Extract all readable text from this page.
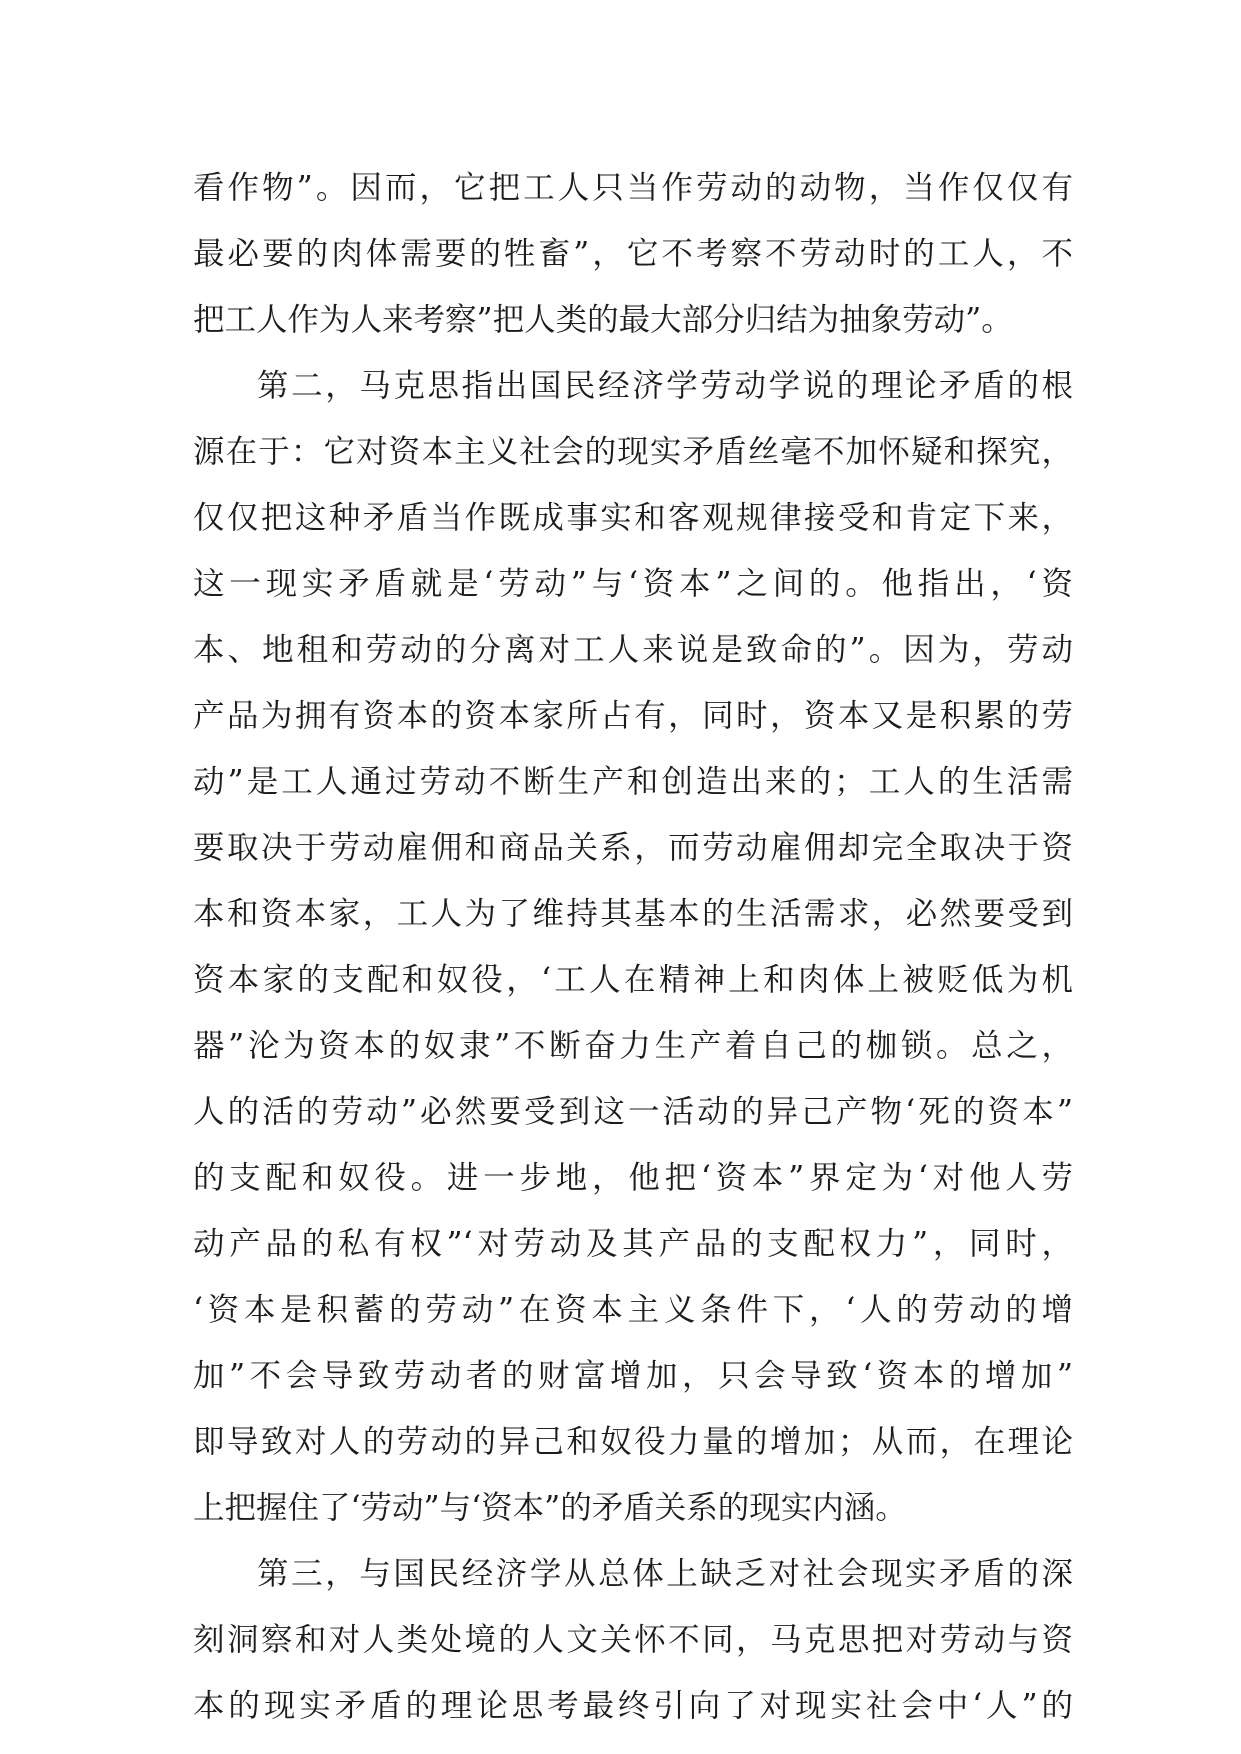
看作物”。因而，它把工人只当作劳动的动物，当作仅仅有
最必要的肉体需要的牲畜”，它不考察不劳动时的工人，不
把工人作为人来考察”把人类的最大部分归结为抽象劳动”。
第二，马克思指出国民经济学劳动学说的理论矛盾的根
源在于：它对资本主义社会的现实矛盾丝毫不加怀疑和探究，
仅仅把这种矛盾当作既成事实和客观规律接受和肯定下来，
这一现实矛盾就是‘劳动”与‘资本”之间的。他指出，‘资
本、地租和劳动的分离对工人来说是致命的”。因为，劳动
产品为拥有资本的资本家所占有，同时，资本又是积累的劳
动”是工人通过劳动不断生产和创造出来的；工人的生活需
要取决于劳动雇佣和商品关系，而劳动雇佣却完全取决于资
本和资本家，工人为了维持其基本的生活需求，必然要受到
资本家的支配和奴役，‘工人在精神上和肉体上被贬低为机
器”沦为资本的奴隶”不断奋力生产着自己的枷锁。总之，
人的活的劳动”必然要受到这一活动的异己产物‘死的资本”
的支配和奴役。进一步地，他把‘资本”界定为‘对他人劳
动产品的私有权”‘对劳动及其产品的支配权力”，同时，
‘资本是积蓄的劳动”在资本主义条件下，‘人的劳动的增
加”不会导致劳动者的财富增加，只会导致‘资本的增加”
即导致对人的劳动的异己和奴役力量的增加；从而，在理论
上把握住了‘劳动”与‘资本”的矛盾关系的现实内涵。
第三，与国民经济学从总体上缺乏对社会现实矛盾的深
刻洞察和对人类处境的人文关怀不同，马克思把对劳动与资
本的现实矛盾的理论思考最终引向了对现实社会中‘人”的
